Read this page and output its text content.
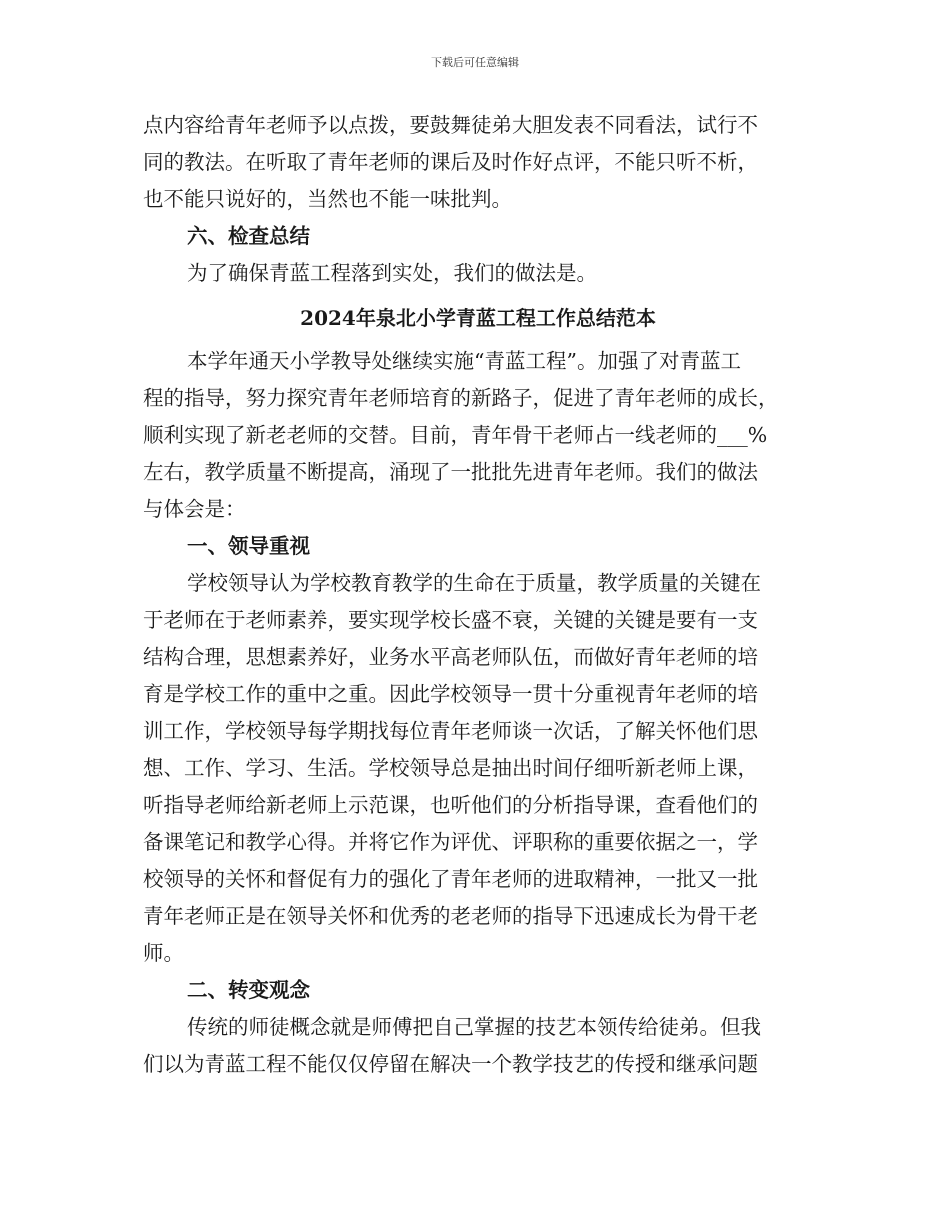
下载后可任意编辑
点内容给青年老师予以点拨，要鼓舞徒弟大胆发表不同看法，试行不
同的教法。在听取了青年老师的课后及时作好点评，不能只听不析，
也不能只说好的，当然也不能一味批判。
六、检查总结
为了确保青蓝工程落到实处，我们的做法是。
2024年泉北小学青蓝工程工作总结范本
本学年通天小学教导处继续实施“青蓝工程”。加强了对青蓝工
程的指导，努力探究青年老师培育的新路子，促进了青年老师的成长，
顺利实现了新老老师的交替。目前，青年骨干老师占一线老师的___%
左右，教学质量不断提高，涌现了一批批先进青年老师。我们的做法
与体会是：
一、领导重视
学校领导认为学校教育教学的生命在于质量，教学质量的关键在
于老师在于老师素养，要实现学校长盛不衰，关键的关键是要有一支
结构合理，思想素养好，业务水平高老师队伍，而做好青年老师的培
育是学校工作的重中之重。因此学校领导一贯十分重视青年老师的培
训工作，学校领导每学期找每位青年老师谈一次话，了解关怀他们思
想、工作、学习、生活。学校领导总是抽出时间仔细听新老师上课，
听指导老师给新老师上示范课，也听他们的分析指导课，查看他们的
备课笔记和教学心得。并将它作为评优、评职称的重要依据之一，学
校领导的关怀和督促有力的强化了青年老师的进取精神，一批又一批
青年老师正是在领导关怀和优秀的老老师的指导下迅速成长为骨干老
师。
二、转变观念
传统的师徒概念就是师傅把自己掌握的技艺本领传给徒弟。但我
们以为青蓝工程不能仅仅停留在解决一个教学技艺的传授和继承问题
